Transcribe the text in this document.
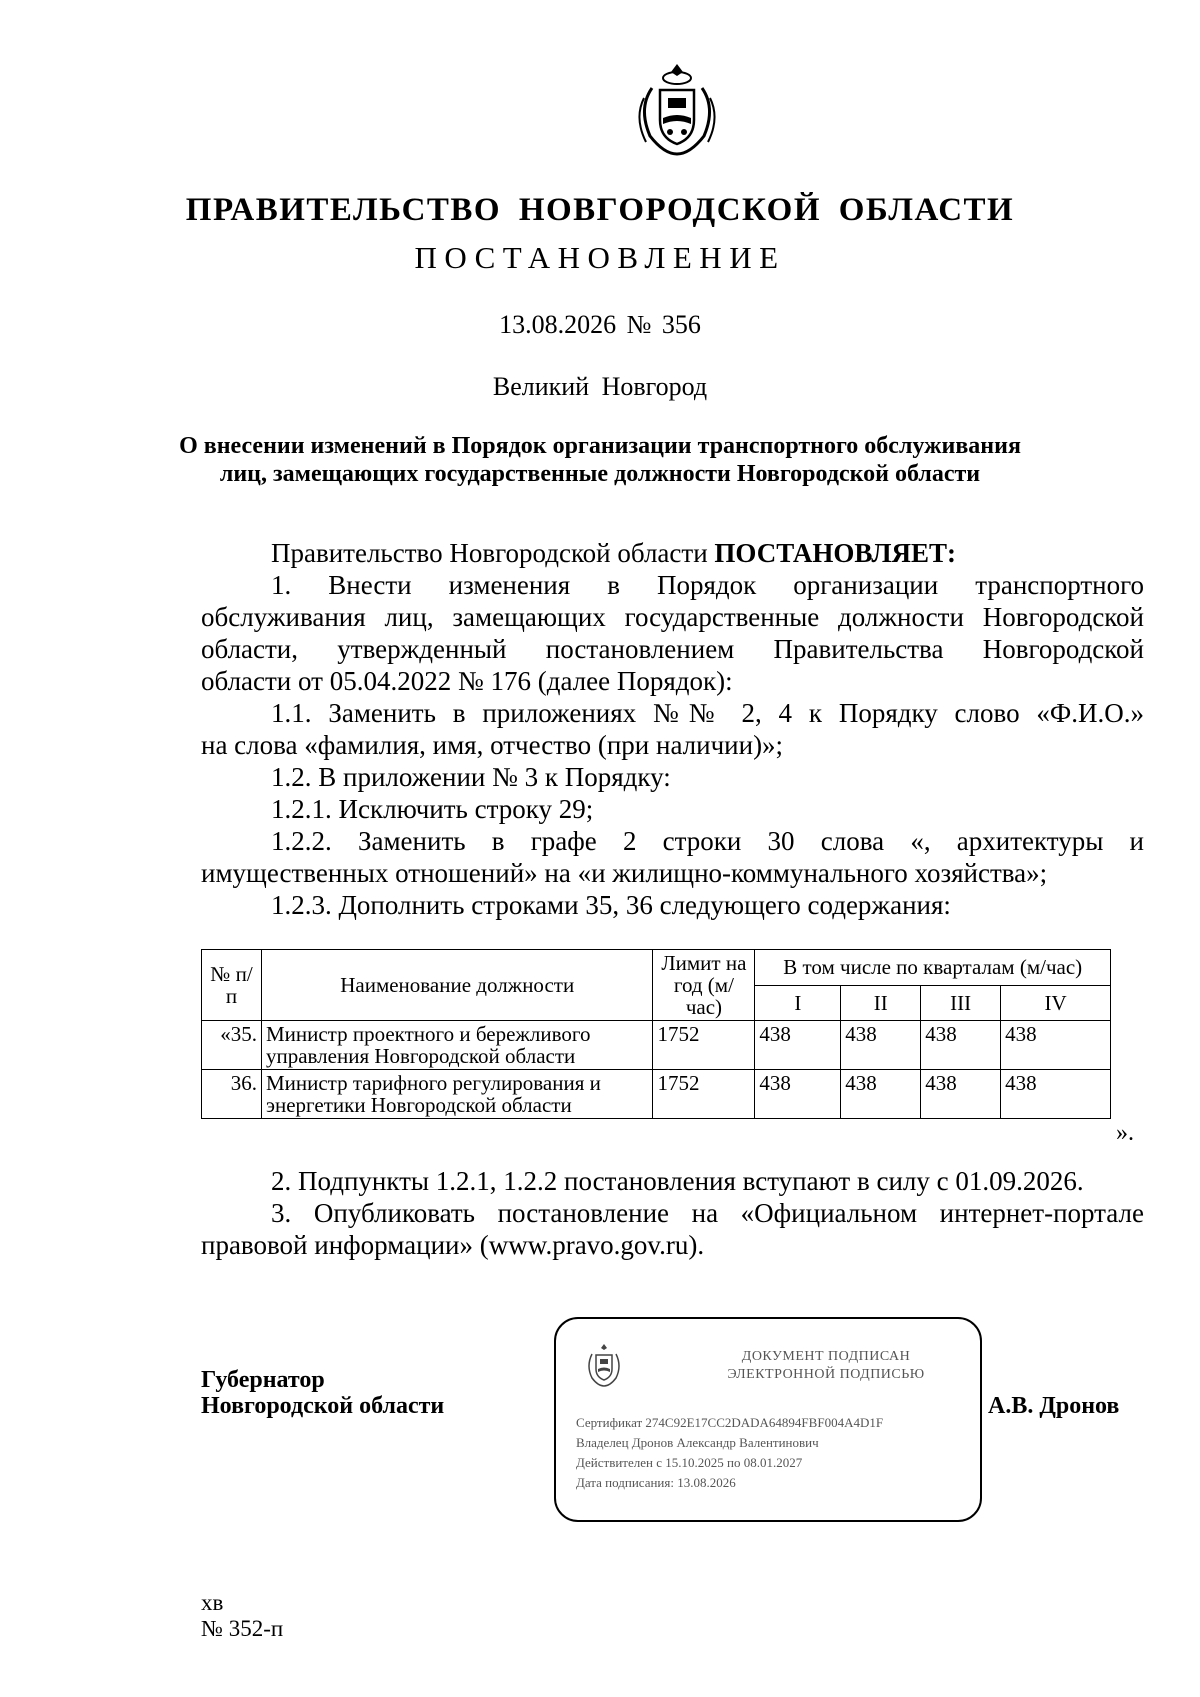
ПРАВИТЕЛЬСТВО НОВГОРОДСКОЙ ОБЛАСТИ
ПОСТАНОВЛЕНИЕ
13.08.2026 № 356
Великий Новгород
О внесении изменений в Порядок организации транспортного обслуживания
лиц, замещающих государственные должности Новгородской области
Правительство Новгородской области ПОСТАНОВЛЯЕТ:
1. Внести изменения в Порядок организации транспортного
обслуживания лиц, замещающих государственные должности Новгородской
области, утвержденный постановлением Правительства Новгородской
области от 05.04.2022 № 176 (далее Порядок):
1.1. Заменить в приложениях №№ 2, 4 к Порядку слово «Ф.И.О.»
на слова «фамилия, имя, отчество (при наличии)»;
1.2. В приложении № 3 к Порядку:
1.2.1. Исключить строку 29;
1.2.2. Заменить в графе 2 строки 30 слова «, архитектуры и
имущественных отношений» на «и жилищно-коммунального хозяйства»;
1.2.3. Дополнить строками 35, 36 следующего содержания:
№ п/п	Наименование должности	Лимит на год (м/час)	В том числе по кварталам (м/час)			
			I	II	III	IV
«35.	Министр проектного и бережливого управления Новгородской области	1752	438	438	438	438
36.	Министр тарифного регулирования и энергетики Новгородской области	1752	438	438	438	438
».
2. Подпункты 1.2.1, 1.2.2 постановления вступают в силу с 01.09.2026.
3. Опубликовать постановление на «Официальном интернет-портале
правовой информации» (www.pravo.gov.ru).
Губернатор
Новгородской области
ДОКУМЕНТ ПОДПИСАН
ЭЛЕКТРОННОЙ ПОДПИСЬЮ
Сертификат 274C92E17CC2DADA64894FBF004A4D1F
Владелец Дронов Александр Валентинович
Действителен с 15.10.2025 по 08.01.2027
Дата подписания: 13.08.2026
А.В. Дронов
хв
№ 352-п
